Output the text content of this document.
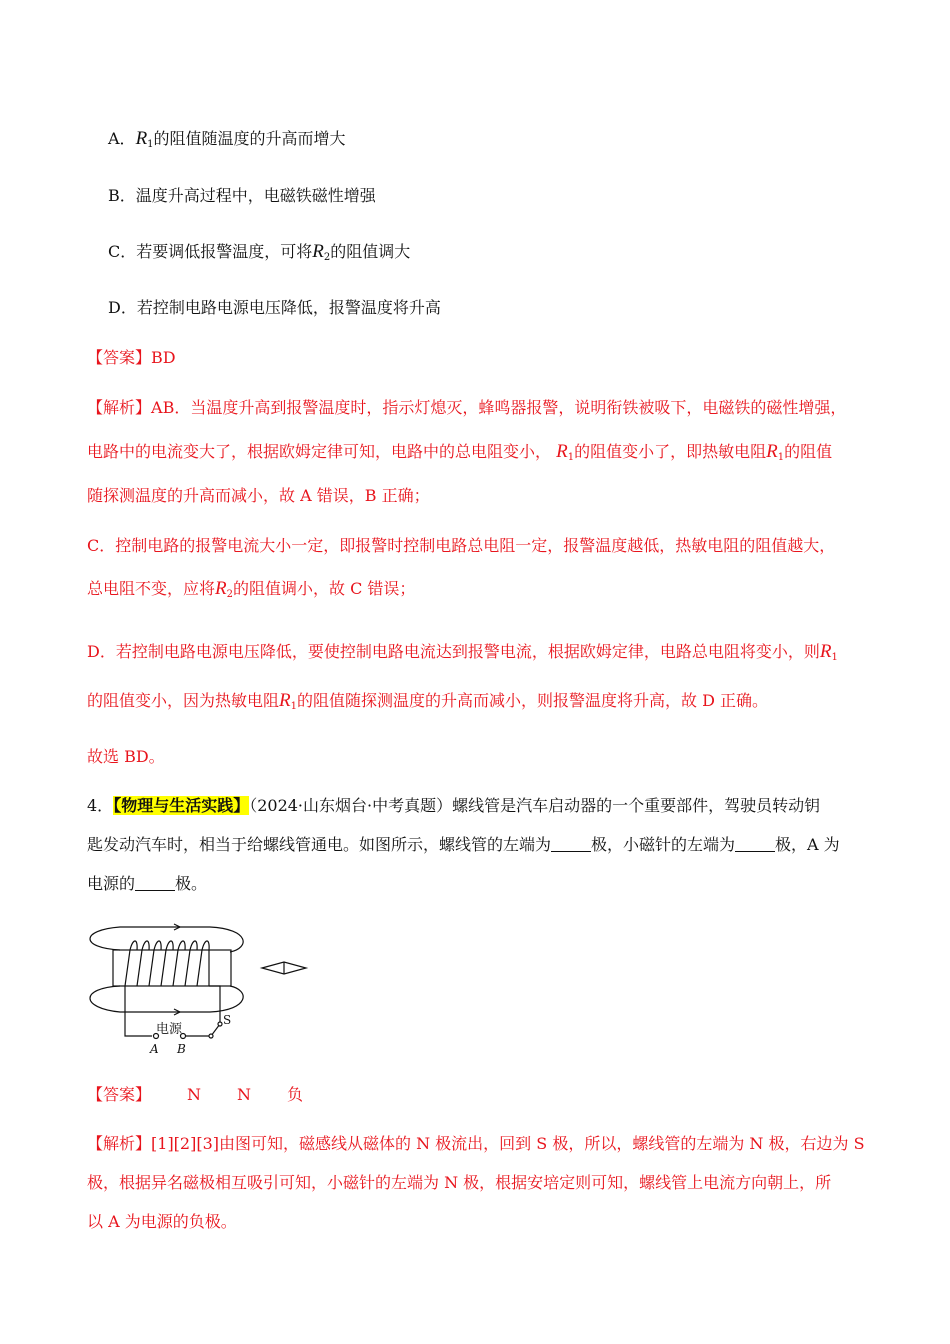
A．$R_1$的阻值随温度的升高而增大
B．温度升高过程中，电磁铁磁性增强
C．若要调低报警温度，可将$R_2$的阻值调大
D．若控制电路电源电压降低，报警温度将升高
【答案】BD
【解析】AB．当温度升高到报警温度时，指示灯熄灭，蜂鸣器报警，说明衔铁被吸下，电磁铁的磁性增强，
电路中的电流变大了，根据欧姆定律可知，电路中的总电阻变小， $R_1$的阻值变小了，即热敏电阻$R_1$的阻值
随探测温度的升高而减小，故 A 错误，B 正确；
C．控制电路的报警电流大小一定，即报警时控制电路总电阻一定，报警温度越低，热敏电阻的阻值越大，
总电阻不变，应将$R_2$的阻值调小，故 C 错误；
D．若控制电路电源电压降低，要使控制电路电流达到报警电流，根据欧姆定律，电路总电阻将变小，则$R_1$
的阻值变小，因为热敏电阻$R_1$的阻值随探测温度的升高而减小，则报警温度将升高，故 D 正确。
故选 BD。
4．【物理与生活实践】（2024·山东烟台·中考真题）螺线管是汽车启动器的一个重要部件，驾驶员转动钥
匙发动汽车时，相当于给螺线管通电。如图所示，螺线管的左端为	极，小磁针的左端为	极，A 为
电源的	极。
电源
A B
S
【答案】 N N 负
【解析】[1][2][3]由图可知，磁感线从磁体的 N 极流出，回到 S 极，所以，螺线管的左端为 N 极，右边为 S
极，根据异名磁极相互吸引可知，小磁针的左端为 N 极，根据安培定则可知，螺线管上电流方向朝上，所
以 A 为电源的负极。
